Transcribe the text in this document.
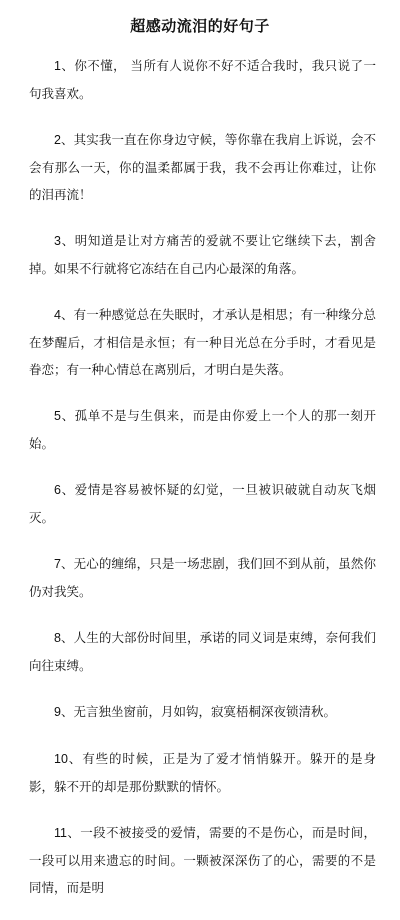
超感动流泪的好句子

1、你不懂， 当所有人说你不好不适合我时，我只说了一句我喜欢。

2、其实我一直在你身边守候，等你靠在我肩上诉说，会不会有那么一天，你的温柔都属于我，我不会再让你难过，让你的泪再流！

3、明知道是让对方痛苦的爱就不要让它继续下去，割舍掉。如果不行就将它冻结在自己内心最深的角落。

4、有一种感觉总在失眠时，才承认是相思；有一种缘分总在梦醒后，才相信是永恒；有一种目光总在分手时，才看见是眷恋；有一种心情总在离别后，才明白是失落。

5、孤单不是与生俱来，而是由你爱上一个人的那一刻开始。

6、爱情是容易被怀疑的幻觉，一旦被识破就自动灰飞烟灭。

7、无心的缠绵，只是一场悲剧，我们回不到从前，虽然你仍对我笑。

8、人生的大部份时间里，承诺的同义词是束缚，奈何我们向往束缚。

9、无言独坐窗前，月如钩，寂寞梧桐深夜锁清秋。

10、有些的时候，正是为了爱才悄悄躲开。躲开的是身影，躲不开的却是那份默默的情怀。

11、一段不被接受的爱情，需要的不是伤心，而是时间，一段可以用来遗忘的时间。一颗被深深伤了的心，需要的不是同情，而是明
